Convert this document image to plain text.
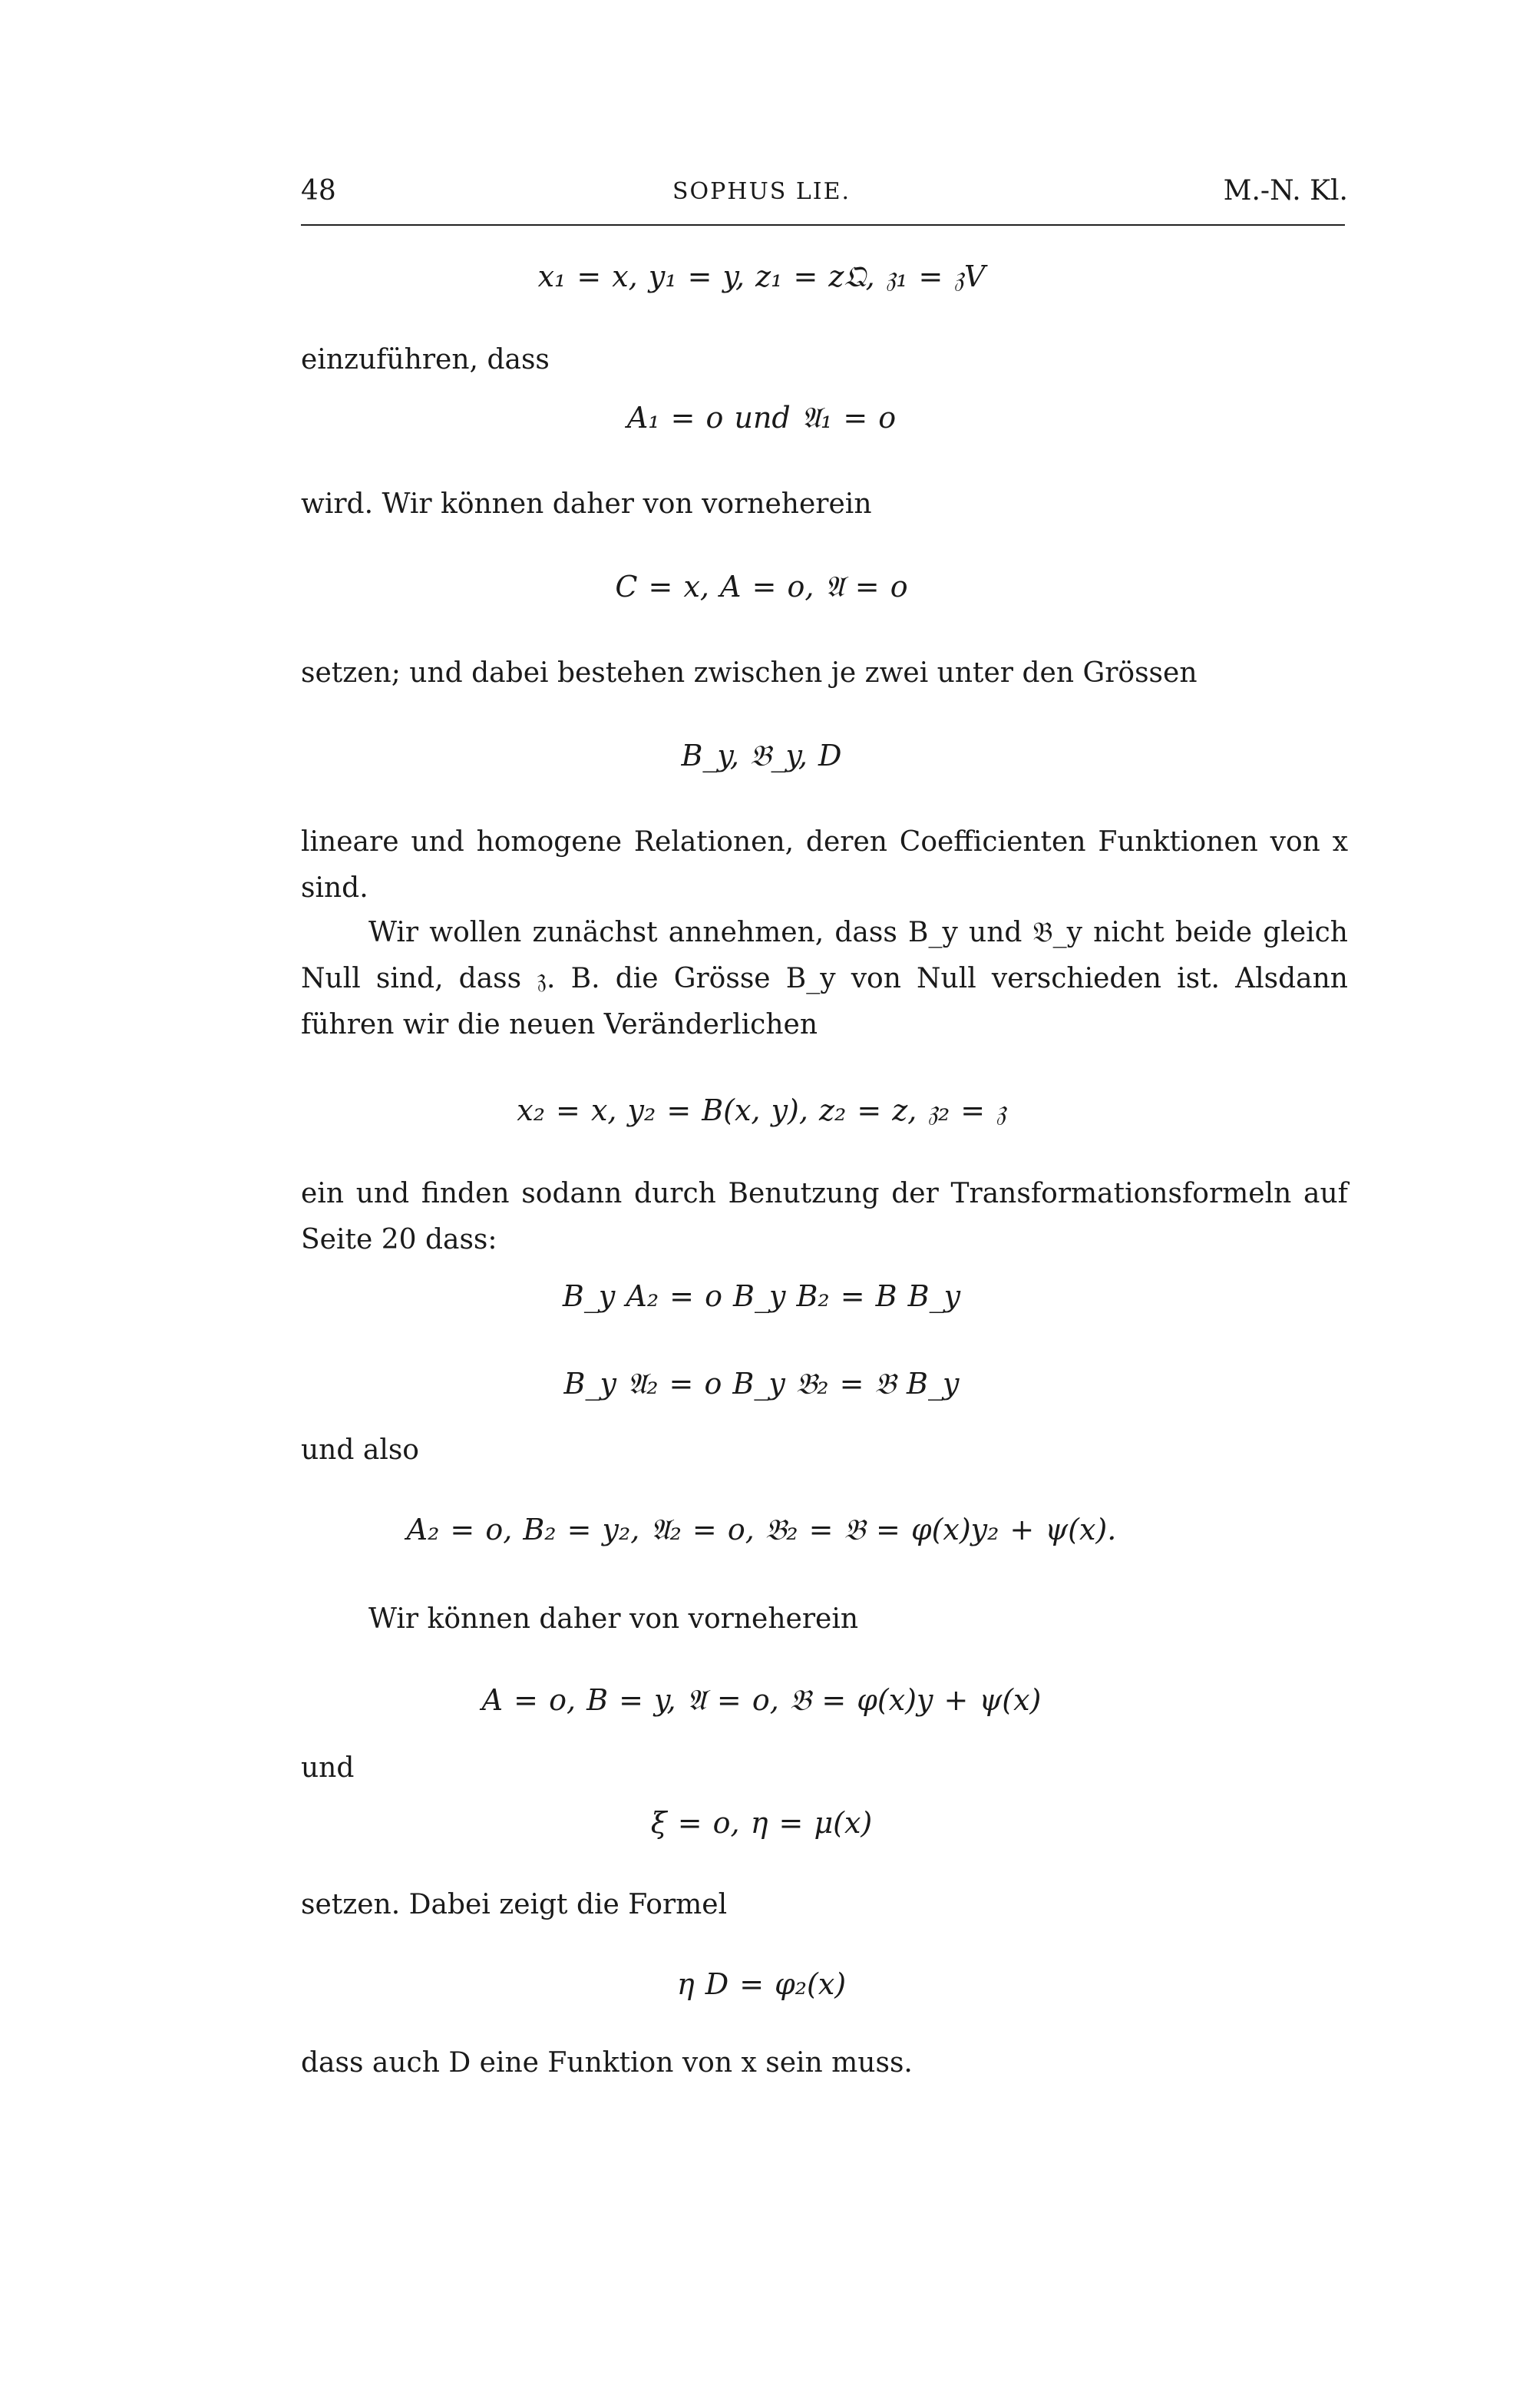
48	SOPHUS LIE.	M.-N. Kl.
x₁ = x, y₁ = y, z₁ = z𝔔, 𝔷₁ = 𝔷V
einzuführen, dass
A₁ = o und 𝔄₁ = o
wird. Wir können daher von vorneherein
C = x, A = o, 𝔄 = o
setzen; und dabei bestehen zwischen je zwei unter den Grössen
B_y, 𝔅_y, D
lineare und homogene Relationen, deren Coefficienten Funktionen von x
sind.
Wir wollen zunächst annehmen, dass B_y und 𝔅_y nicht beide gleich
Null sind, dass 𝔷. B. die Grösse B_y von Null verschieden ist. Alsdann
führen wir die neuen Veränderlichen
x₂ = x, y₂ = B(x, y), z₂ = z, 𝔷₂ = 𝔷
ein und finden sodann durch Benutzung der Transformationsformeln auf
Seite 20 dass:
B_y A₂ = o B_y B₂ = B B_y
B_y 𝔄₂ = o B_y 𝔅₂ = 𝔅 B_y
und also
A₂ = o, B₂ = y₂, 𝔄₂ = o, 𝔅₂ = 𝔅 = φ(x)y₂ + ψ(x).
Wir können daher von vorneherein
A = o, B = y, 𝔄 = o, 𝔅 = φ(x)y + ψ(x)
und
ξ = o, η = μ(x)
setzen. Dabei zeigt die Formel
η D = φ₂(x)
dass auch D eine Funktion von x sein muss.
